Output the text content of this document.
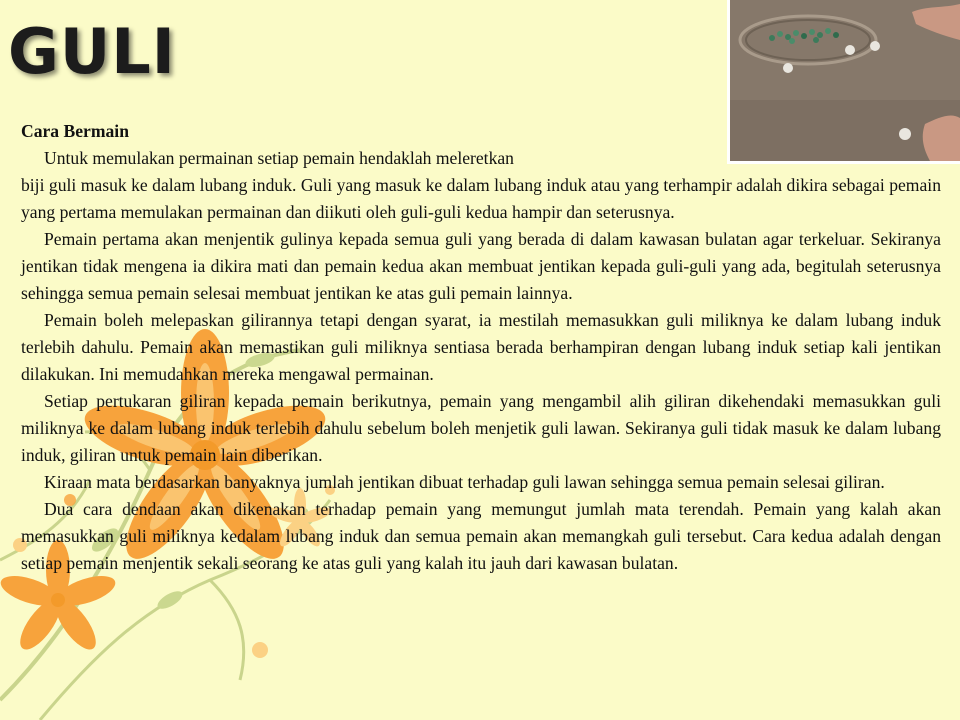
GULI

Cara Bermain

Untuk memulakan permainan setiap pemain hendaklah meleretkan

biji guli masuk ke dalam lubang induk. Guli yang masuk ke dalam lubang induk atau yang terhampir adalah dikira sebagai pemain yang pertama memulakan permainan dan diikuti oleh guli-guli kedua hampir dan seterusnya.

Pemain pertama akan menjentik gulinya kepada semua guli yang berada di dalam kawasan bulatan agar terkeluar. Sekiranya jentikan tidak mengena ia dikira mati dan pemain kedua akan membuat jentikan kepada guli-guli yang ada, begitulah seterusnya sehingga semua pemain selesai membuat jentikan ke atas guli pemain lainnya.

Pemain boleh melepaskan gilirannya tetapi dengan syarat, ia mestilah memasukkan guli miliknya ke dalam lubang induk terlebih dahulu. Pemain akan memastikan guli miliknya sentiasa berada berhampiran dengan lubang induk setiap kali jentikan dilakukan. Ini memudahkan mereka mengawal permainan.

Setiap pertukaran giliran kepada pemain berikutnya, pemain yang mengambil alih giliran dikehendaki memasukkan guli miliknya ke dalam lubang induk terlebih dahulu sebelum boleh menjetik guli lawan. Sekiranya guli tidak masuk ke dalam lubang induk, giliran untuk pemain lain diberikan.

Kiraan mata berdasarkan banyaknya jumlah jentikan dibuat terhadap guli lawan sehingga semua pemain selesai giliran.

Dua cara dendaan akan dikenakan terhadap pemain yang memungut jumlah mata terendah. Pemain yang kalah akan memasukkan guli miliknya kedalam lubang induk dan semua pemain akan memangkah guli tersebut. Cara kedua adalah dengan setiap pemain menjentik sekali seorang ke atas guli yang kalah itu jauh dari kawasan bulatan.
